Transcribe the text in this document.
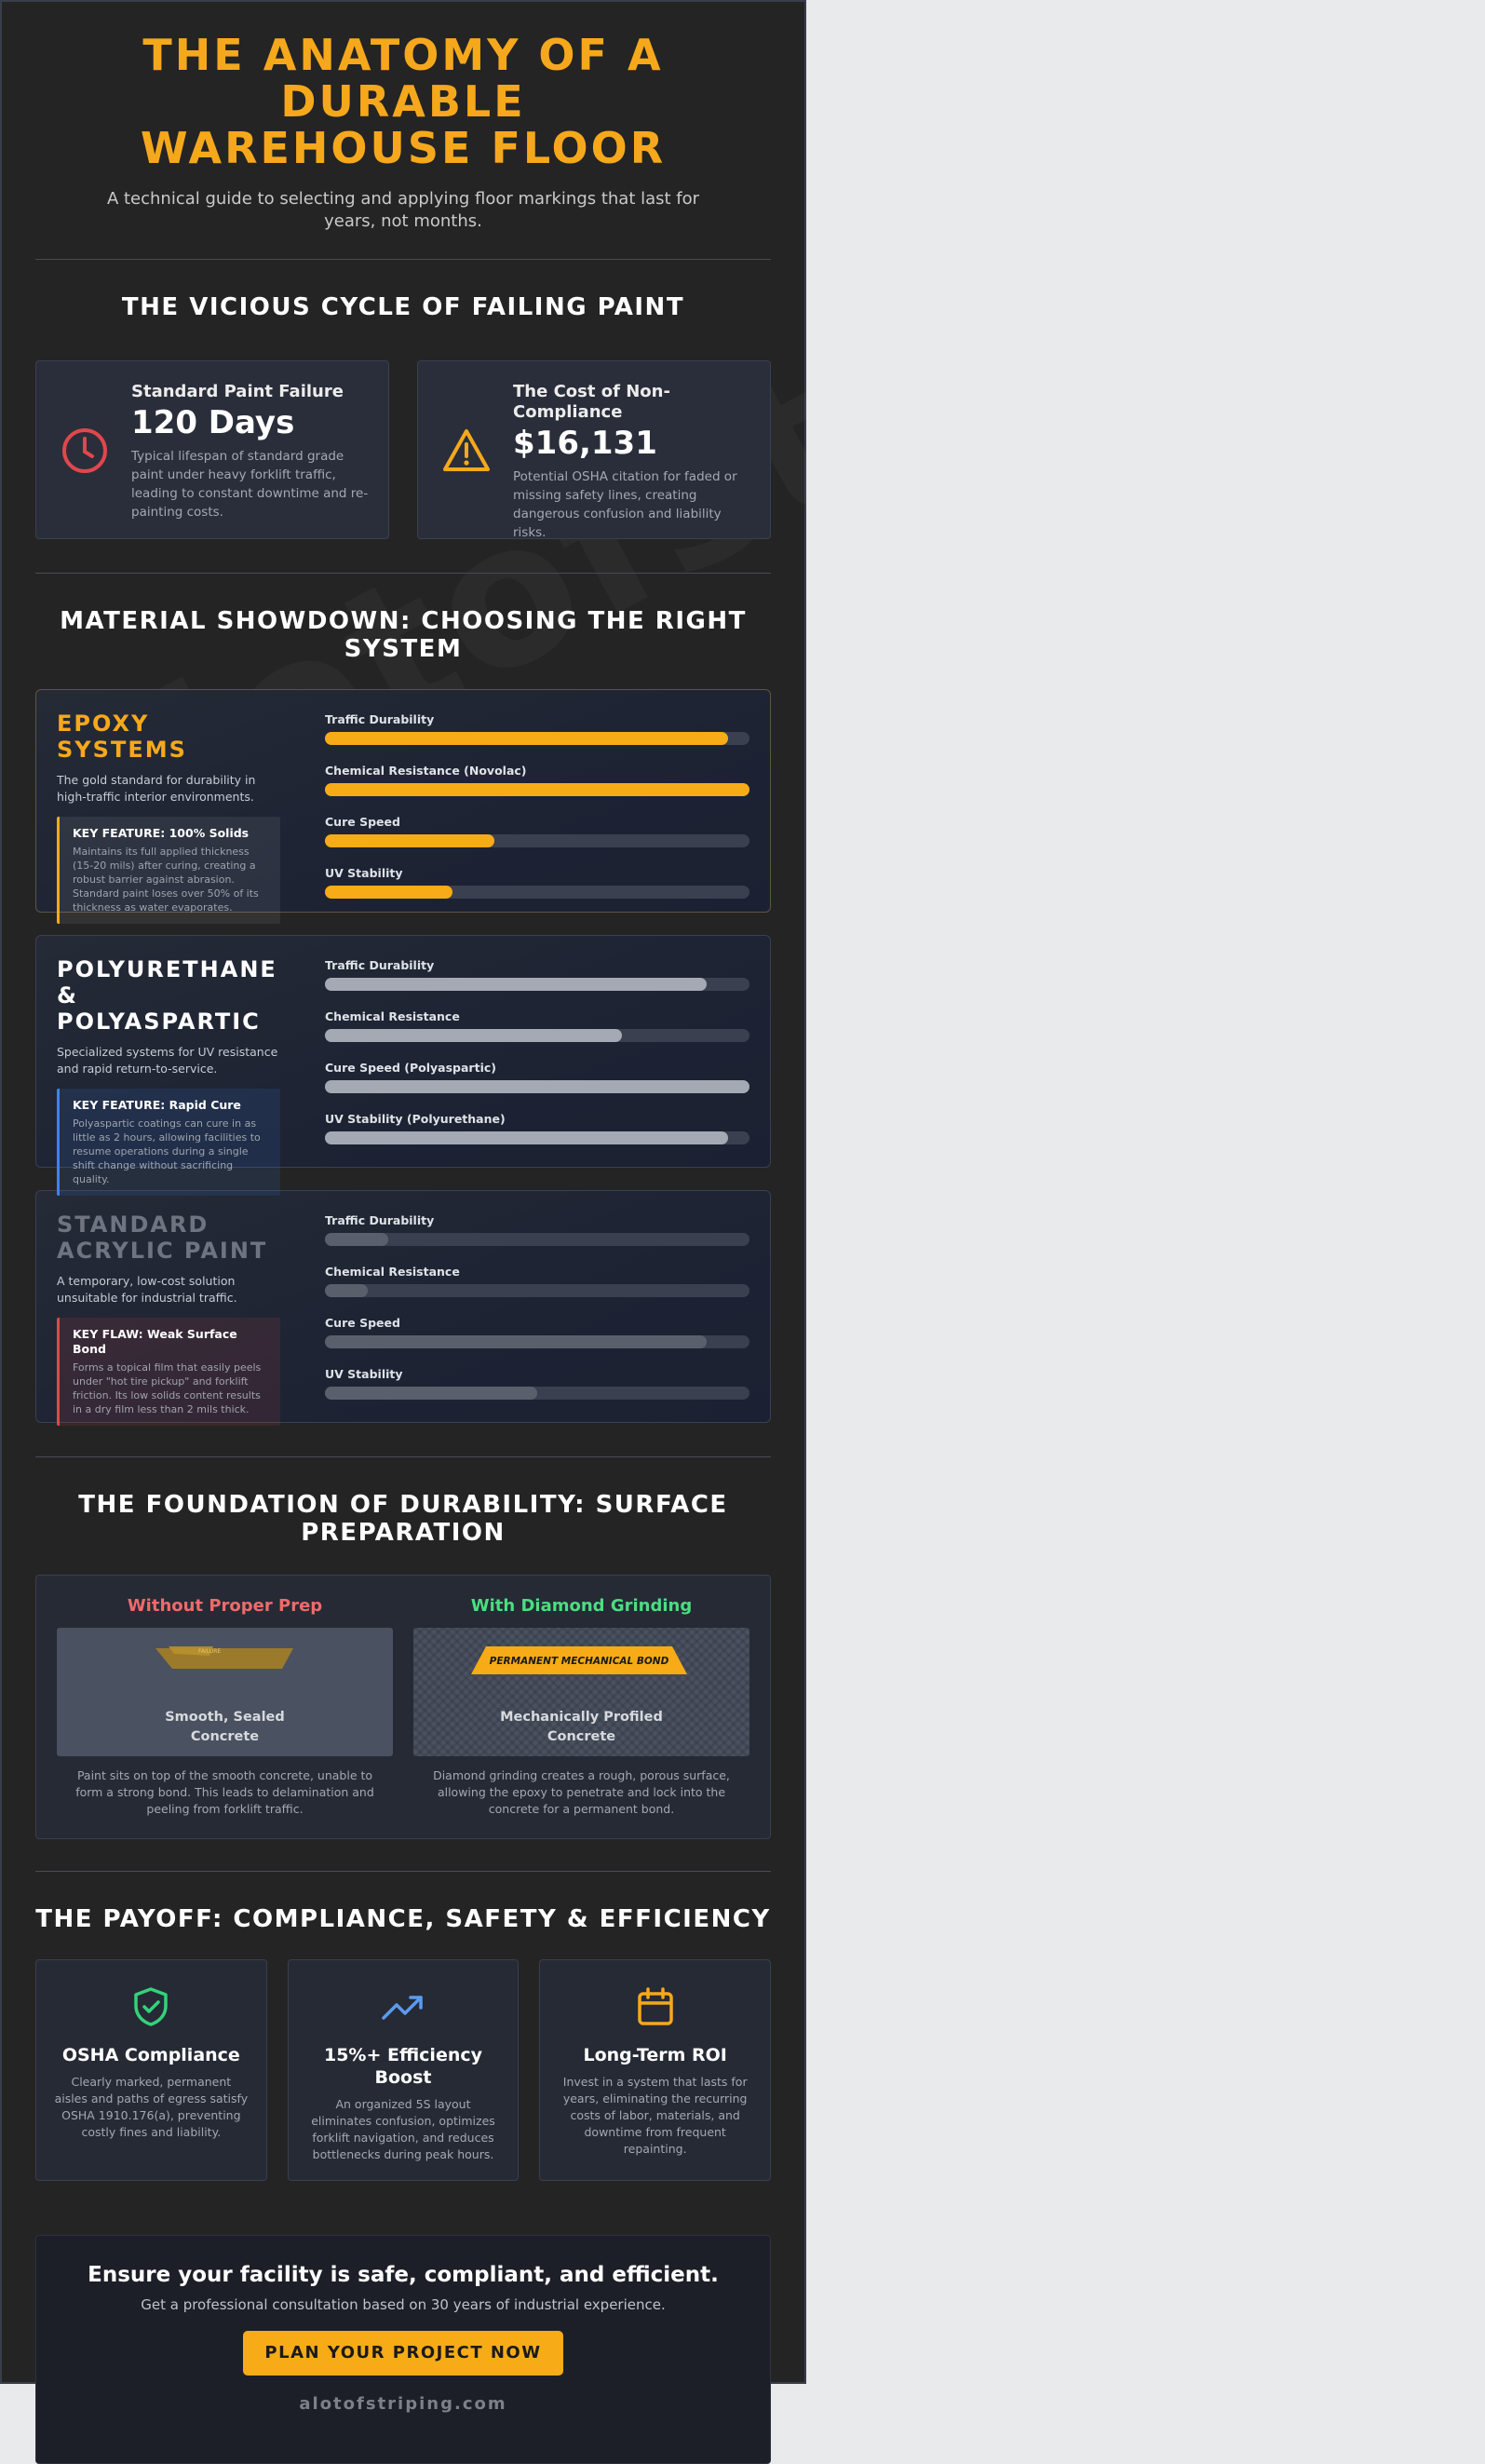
THE ANATOMY OF A DURABLE
WAREHOUSE FLOOR

A technical guide to selecting and applying floor markings that last for years, not months.

THE VICIOUS CYCLE OF FAILING PAINT
Standard Paint Failure
120 Days
Typical lifespan of standard grade paint under heavy forklift traffic, leading to constant downtime and re-painting costs.
The Cost of Non-Compliance
$16,131
Potential OSHA citation for faded or missing safety lines, creating dangerous confusion and liability risks.
MATERIAL SHOWDOWN: CHOOSING THE RIGHT
SYSTEM
EPOXY SYSTEMS
The gold standard for durability in high-traffic interior environments.
KEY FEATURE: 100% Solids
Maintains its full applied thickness (15-20 mils) after curing, creating a robust barrier against abrasion. Standard paint loses over 50% of its thickness as water evaporates.
Traffic Durability
Chemical Resistance (Novolac)
Cure Speed
UV Stability
POLYURETHANE & POLYASPARTIC
Specialized systems for UV resistance and rapid return-to-service.
KEY FEATURE: Rapid Cure
Polyaspartic coatings can cure in as little as 2 hours, allowing facilities to resume operations during a single shift change without sacrificing quality.
Traffic Durability
Chemical Resistance
Cure Speed (Polyaspartic)
UV Stability (Polyurethane)
STANDARD ACRYLIC PAINT
A temporary, low-cost solution unsuitable for industrial traffic.
KEY FLAW: Weak Surface Bond
Forms a topical film that easily peels under "hot tire pickup" and forklift friction. Its low solids content results in a dry film less than 2 mils thick.
Traffic Durability
Chemical Resistance
Cure Speed
UV Stability
THE FOUNDATION OF DURABILITY: SURFACE
PREPARATION
Without Proper Prep
FAILURE
Smooth, Sealed
Concrete
Paint sits on top of the smooth concrete, unable to form a strong bond. This leads to delamination and peeling from forklift traffic.
With Diamond Grinding
PERMANENT MECHANICAL BOND
Mechanically Profiled
Concrete
Diamond grinding creates a rough, porous surface, allowing the epoxy to penetrate and lock into the concrete for a permanent bond.
THE PAYOFF: COMPLIANCE, SAFETY & EFFICIENCY
OSHA Compliance
Clearly marked, permanent aisles and paths of egress satisfy OSHA 1910.176(a), preventing costly fines and liability.
15%+ Efficiency
Boost
An organized 5S layout eliminates confusion, optimizes forklift navigation, and reduces bottlenecks during peak hours.
Long-Term ROI
Invest in a system that lasts for years, eliminating the recurring costs of labor, materials, and downtime from frequent repainting.
Ensure your facility is safe, compliant, and efficient.
Get a professional consultation based on 30 years of industrial experience.
PLAN YOUR PROJECT NOW
alotofstriping.com
